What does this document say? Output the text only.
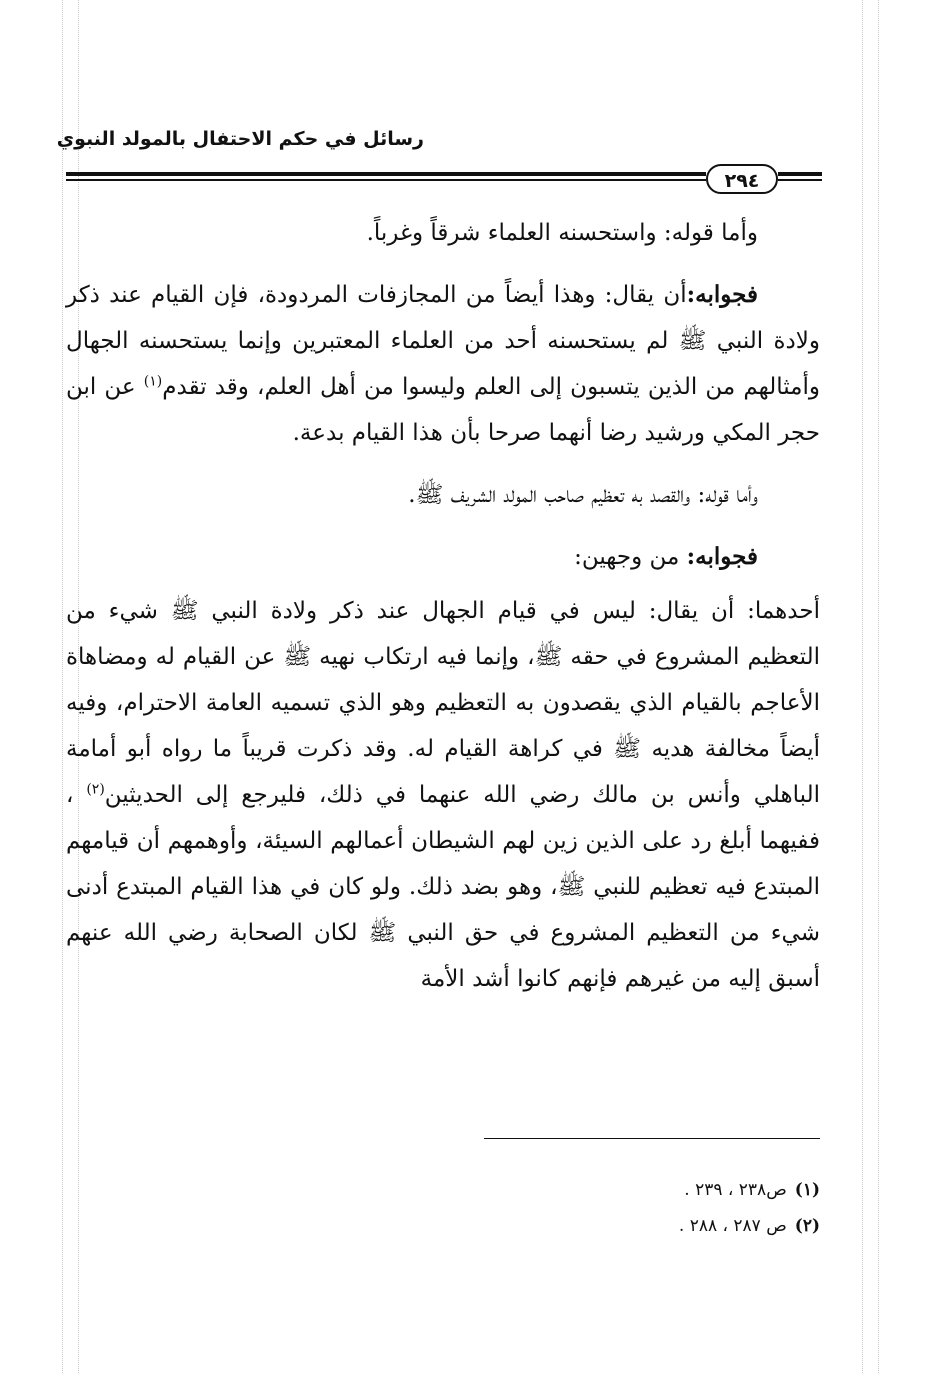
رسائل في حكم الاحتفال بالمولد النبوي
٢٩٤

وأما قوله: واستحسنه العلماء شرقاً وغرباً.

فجوابه:أن يقال: وهذا أيضاً من المجازفات المردودة، فإن القيام عند ذكر ولادة النبي ﷺ لم يستحسنه أحد من العلماء المعتبرين وإنما يستحسنه الجهال وأمثالهم من الذين يتسبون إلى العلم وليسوا من أهل العلم، وقد تقدم$^{(١)}$ عن ابن حجر المكي ورشيد رضا أنهما صرحا بأن هذا القيام بدعة.

وأما قوله: والقصد به تعظيم صاحب المولد الشريف ﷺ.

فجوابه: من وجهين:

أحدهما: أن يقال: ليس في قيام الجهال عند ذكر ولادة النبي ﷺ شيء من التعظيم المشروع في حقه ﷺ، وإنما فيه ارتكاب نهيه ﷺ عن القيام له ومضاهاة الأعاجم بالقيام الذي يقصدون به التعظيم وهو الذي تسميه العامة الاحترام، وفيه أيضاً مخالفة هديه ﷺ في كراهة القيام له. وقد ذكرت قريباً ما رواه أبو أمامة الباهلي وأنس بن مالك رضي الله عنهما في ذلك، فليرجع إلى الحديثين$^{(٢)}$ ، ففيهما أبلغ رد على الذين زين لهم الشيطان أعمالهم السيئة، وأوهمهم أن قيامهم المبتدع فيه تعظيم للنبي ﷺ، وهو بضد ذلك. ولو كان في هذا القيام المبتدع أدنى شيء من التعظيم المشروع في حق النبي ﷺ لكان الصحابة رضي الله عنهم أسبق إليه من غيرهم فإنهم كانوا أشد الأمة

(١)ص٢٣٨ ، ٢٣٩ .
(٢)ص ٢٨٧ ، ٢٨٨ .
